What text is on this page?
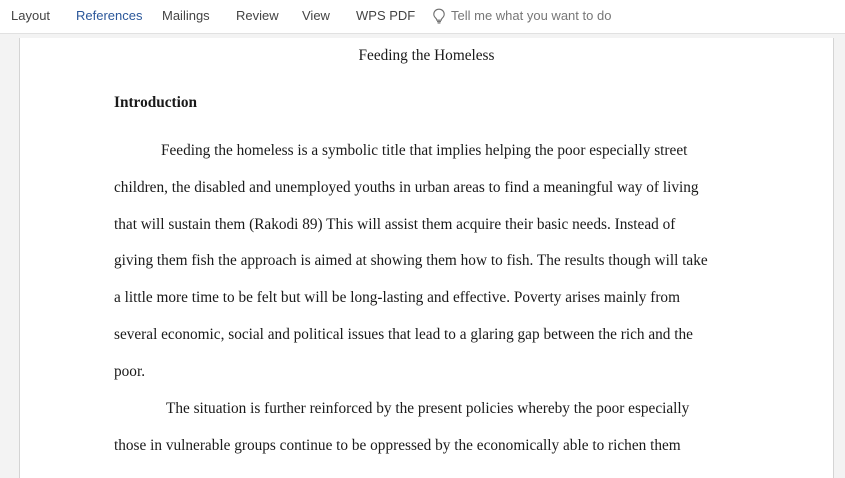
Layout References Mailings Review View WPS PDF	Tell me what you want to do
Feeding the Homeless
Introduction
Feeding the homeless is a symbolic title that implies helping the poor especially street
children, the disabled and unemployed youths in urban areas to find a meaningful way of living
that will sustain them (Rakodi 89) This will assist them acquire their basic needs. Instead of
giving them fish the approach is aimed at showing them how to fish. The results though will take
a little more time to be felt but will be long-lasting and effective. Poverty arises mainly from
several economic, social and political issues that lead to a glaring gap between the rich and the
poor.
The situation is further reinforced by the present policies whereby the poor especially
those in vulnerable groups continue to be oppressed by the economically able to richen them
